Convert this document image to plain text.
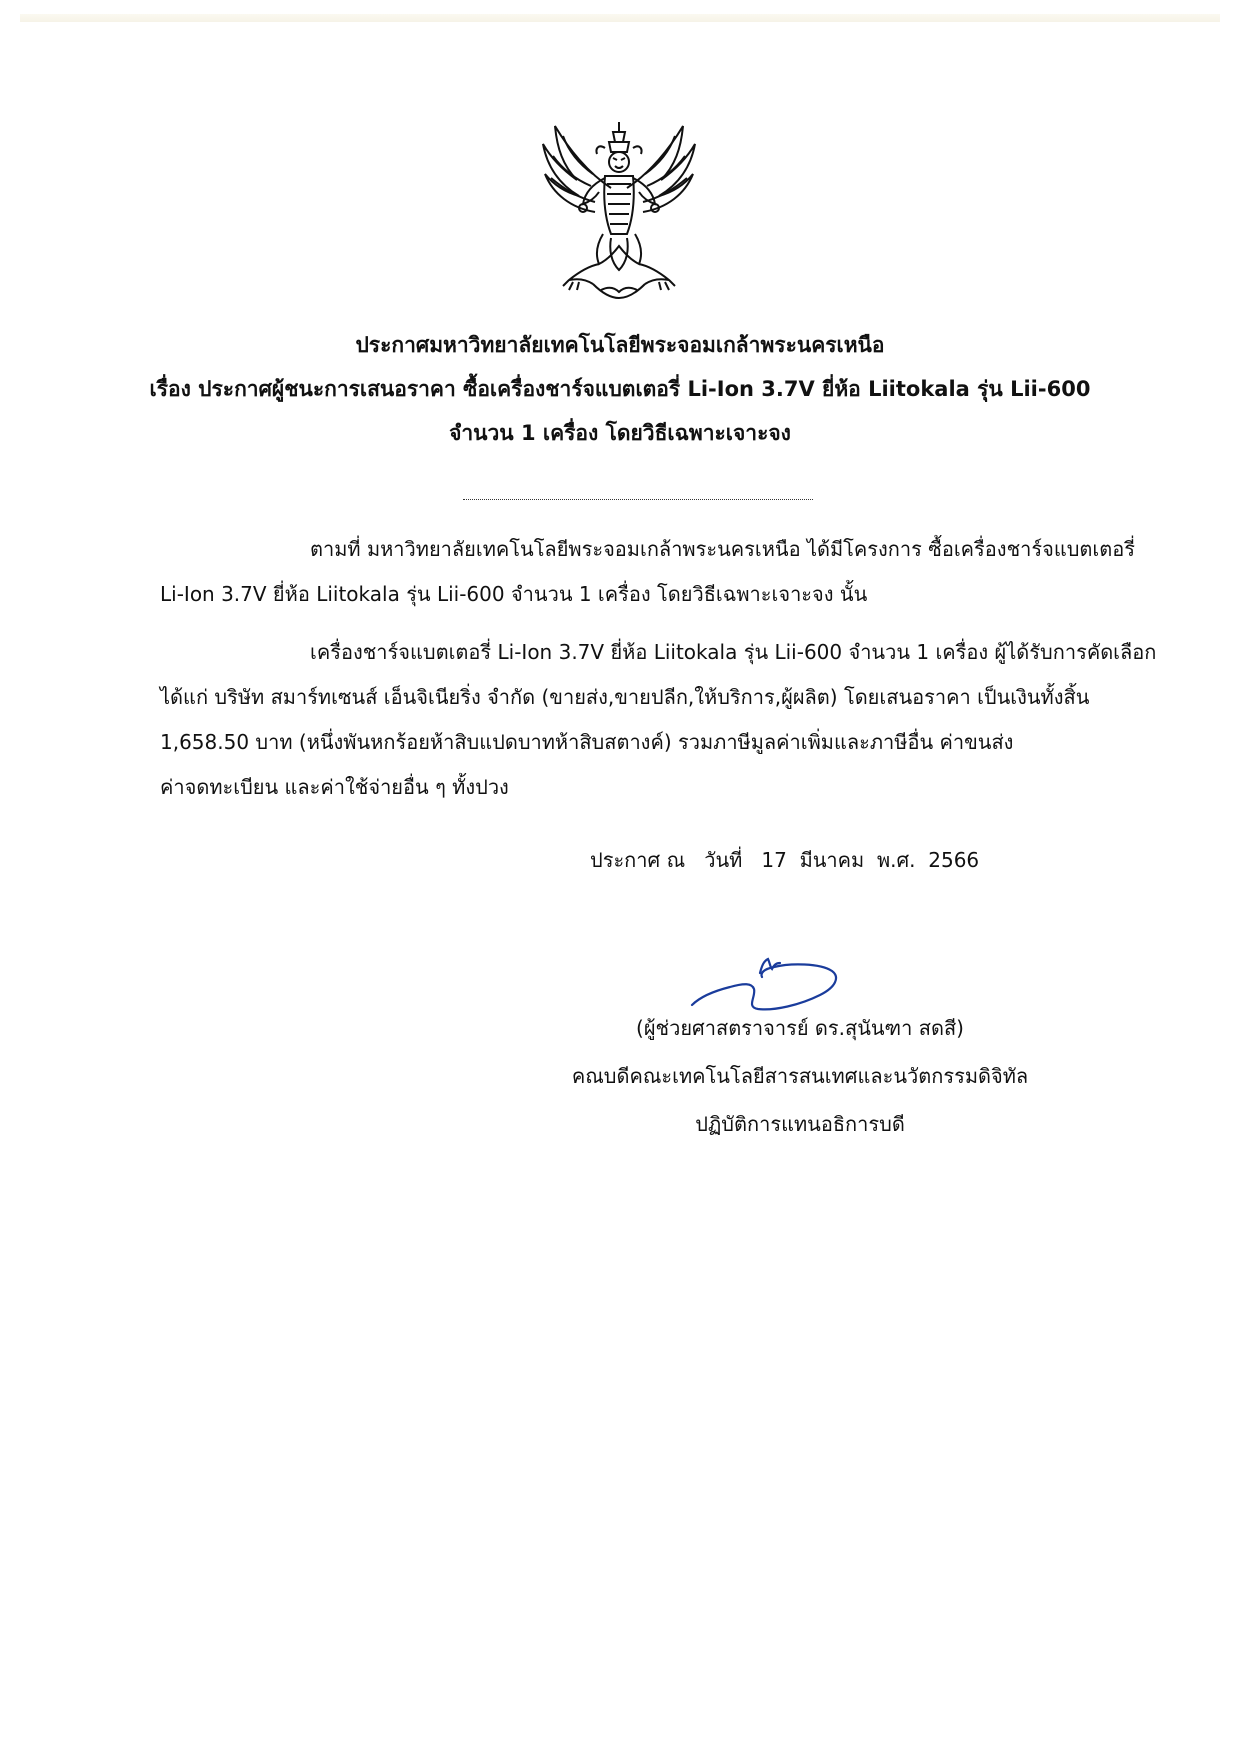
ประกาศมหาวิทยาลัยเทคโนโลยีพระจอมเกล้าพระนครเหนือ
เรื่อง ประกาศผู้ชนะการเสนอราคา ซื้อเครื่องชาร์จแบตเตอรี่ Li-Ion 3.7V ยี่ห้อ Liitokala รุ่น Lii-600
จำนวน 1 เครื่อง โดยวิธีเฉพาะเจาะจง
ตามที่ มหาวิทยาลัยเทคโนโลยีพระจอมเกล้าพระนครเหนือ ได้มีโครงการ ซื้อเครื่องชาร์จแบตเตอรี่
Li-Ion 3.7V ยี่ห้อ Liitokala รุ่น Lii-600 จำนวน 1 เครื่อง โดยวิธีเฉพาะเจาะจง นั้น
เครื่องชาร์จแบตเตอรี่ Li-Ion 3.7V ยี่ห้อ Liitokala รุ่น Lii-600 จำนวน 1 เครื่อง ผู้ได้รับการคัดเลือก
ได้แก่ บริษัท สมาร์ทเซนส์ เอ็นจิเนียริ่ง จำกัด (ขายส่ง,ขายปลีก,ให้บริการ,ผู้ผลิต) โดยเสนอราคา เป็นเงินทั้งสิ้น
1,658.50 บาท (หนึ่งพันหกร้อยห้าสิบแปดบาทห้าสิบสตางค์) รวมภาษีมูลค่าเพิ่มและภาษีอื่น ค่าขนส่ง
ค่าจดทะเบียน และค่าใช้จ่ายอื่น ๆ ทั้งปวง
ประกาศ ณ วันที่ 17 มีนาคม พ.ศ. 2566
(ผู้ช่วยศาสตราจารย์ ดร.สุนันฑา สดสี)
คณบดีคณะเทคโนโลยีสารสนเทศและนวัตกรรมดิจิทัล
ปฏิบัติการแทนอธิการบดี
